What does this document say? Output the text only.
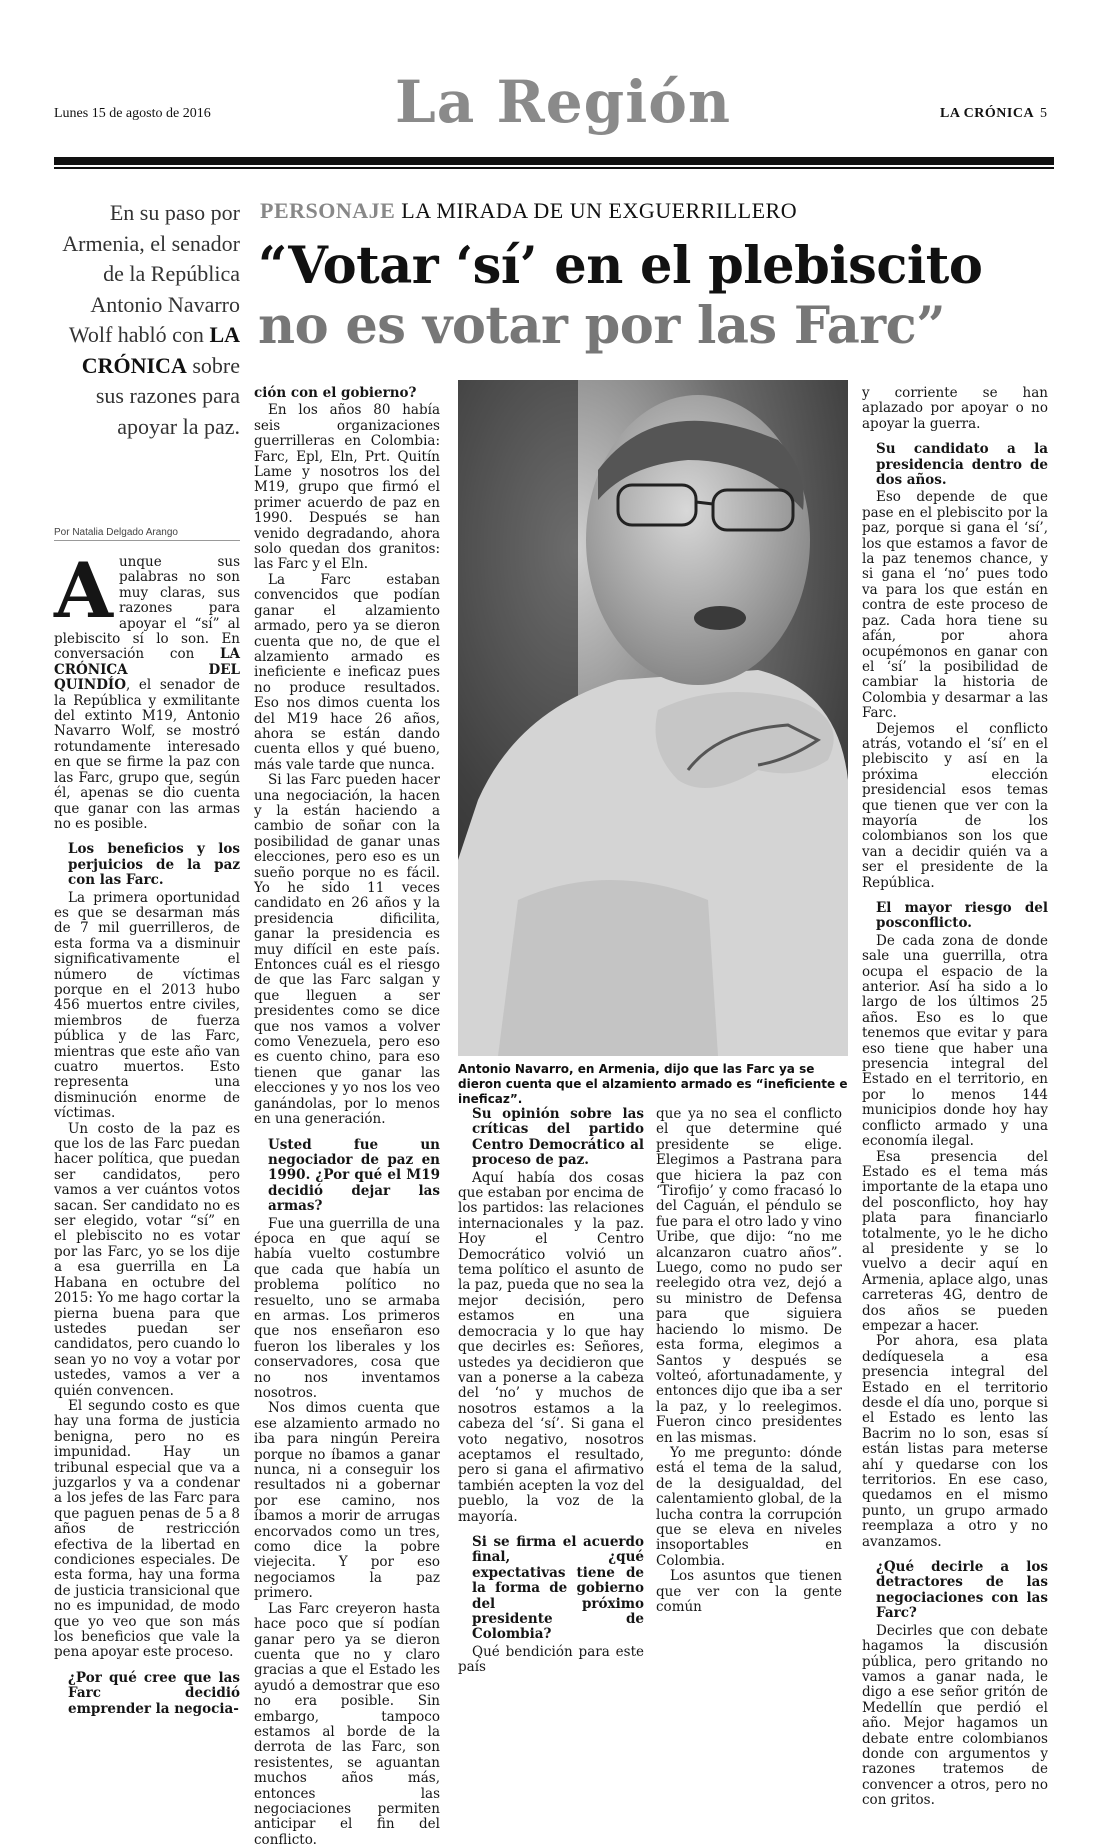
Lunes 15 de agosto de 2016	La Región	LA CRÓNICA 5
En su paso por Armenia, el senador de la República Antonio Navarro Wolf habló con LA CRÓNICA sobre sus razones para apoyar la paz.
Por Natalia Delgado Arango
PERSONAJE LA MIRADA DE UN EXGUERRILLERO
“Votar ‘sí’ en el plebiscito
no es votar por las Farc”
Antonio Navarro, en Armenia, dijo que las Farc ya se dieron cuenta que el alzamiento armado es “ineficiente e ineficaz”.
A unque sus palabras no son muy claras, sus razones para apoyar el “sí” al plebiscito sí lo son. En conversación con LA CRÓNICA DEL QUINDÍO, el senador de la República y exmilitante del extinto M19, Antonio Navarro Wolf, se mostró rotundamente interesado en que se firme la paz con las Farc, grupo que, según él, apenas se dio cuenta que ganar con las armas no es posible.

Los beneficios y los perjuicios de la paz con las Farc.

La primera oportunidad es que se desarman más de 7 mil guerrilleros, de esta forma va a disminuir significativamente el número de víctimas porque en el 2013 hubo 456 muertos entre civiles, miembros de fuerza pública y de las Farc, mientras que este año van cuatro muertos. Esto representa una disminución enorme de víctimas.

Un costo de la paz es que los de las Farc puedan hacer política, que puedan ser candidatos, pero vamos a ver cuántos votos sacan. Ser candidato no es ser elegido, votar “sí” en el plebiscito no es votar por las Farc, yo se los dije a esa guerrilla en La Habana en octubre del 2015: Yo me hago cortar la pierna buena para que ustedes puedan ser candidatos, pero cuando lo sean yo no voy a votar por ustedes, vamos a ver a quién convencen.

El segundo costo es que hay una forma de justicia benigna, pero no es impunidad. Hay un tribunal especial que va a juzgarlos y va a condenar a los jefes de las Farc para que paguen penas de 5 a 8 años de restricción efectiva de la libertad en condiciones especiales. De esta forma, hay una forma de justicia transicional que no es impunidad, de modo que yo veo que son más los beneficios que vale la pena apoyar este proceso.

¿Por qué cree que las Farc decidió emprender la negocia-
ción con el gobierno?

En los años 80 había seis organizaciones guerrilleras en Colombia: Farc, Epl, Eln, Prt. Quitín Lame y nosotros los del M19, grupo que firmó el primer acuerdo de paz en 1990. Después se han venido degradando, ahora solo quedan dos granitos: las Farc y el Eln.

La Farc estaban convencidos que podían ganar el alzamiento armado, pero ya se dieron cuenta que no, de que el alzamiento armado es ineficiente e ineficaz pues no produce resultados. Eso nos dimos cuenta los del M19 hace 26 años, ahora se están dando cuenta ellos y qué bueno, más vale tarde que nunca.

Si las Farc pueden hacer una negociación, la hacen y la están haciendo a cambio de soñar con la posibilidad de ganar unas elecciones, pero eso es un sueño porque no es fácil. Yo he sido 11 veces candidato en 26 años y la presidencia dificilita, ganar la presidencia es muy difícil en este país. Entonces cuál es el riesgo de que las Farc salgan y que lleguen a ser presidentes como se dice que nos vamos a volver como Venezuela, pero eso es cuento chino, para eso tienen que ganar las elecciones y yo nos los veo ganándolas, por lo menos en una generación.

Usted fue un negociador de paz en 1990. ¿Por qué el M19 decidió dejar las armas?

Fue una guerrilla de una época en que aquí se había vuelto costumbre que cada que había un problema político no resuelto, uno se armaba en armas. Los primeros que nos enseñaron eso fueron los liberales y los conservadores, cosa que no nos inventamos nosotros.

Nos dimos cuenta que ese alzamiento armado no iba para ningún Pereira porque no íbamos a ganar nunca, ni a conseguir los resultados ni a gobernar por ese camino, nos íbamos a morir de arrugas encorvados como un tres, como dice la pobre viejecita. Y por eso negociamos la paz primero.

Las Farc creyeron hasta hace poco que sí podían ganar pero ya se dieron cuenta que no y claro gracias a que el Estado les ayudó a demostrar que eso no era posible. Sin embargo, tampoco estamos al borde de la derrota de las Farc, son resistentes, se aguantan muchos años más, entonces las negociaciones permiten anticipar el fin del conflicto.

Su opinión sobre las críticas del partido Centro Democrático al proceso de paz.

Aquí había dos cosas que estaban por encima de los partidos: las relaciones internacionales y la paz. Hoy el Centro Democrático volvió un tema político el asunto de la paz, pueda que no sea la mejor decisión, pero estamos en una democracia y lo que hay que decirles es: Señores, ustedes ya decidieron que van a ponerse a la cabeza del ‘no’ y muchos de nosotros estamos a la cabeza del ‘sí’. Si gana el voto negativo, nosotros aceptamos el resultado, pero si gana el afirmativo también acepten la voz del pueblo, la voz de la mayoría.

Si se firma el acuerdo final, ¿qué expectativas tiene de la forma de gobierno del próximo presidente de Colombia?

Qué bendición para este país

que ya no sea el conflicto el que determine qué presidente se elige. Elegimos a Pastrana para que hiciera la paz con ‘Tirofijo’ y como fracasó lo del Caguán, el péndulo se fue para el otro lado y vino Uribe, que dijo: “no me alcanzaron cuatro años”. Luego, como no pudo ser reelegido otra vez, dejó a su ministro de Defensa para que siguiera haciendo lo mismo. De esta forma, elegimos a Santos y después se volteó, afortunadamente, y entonces dijo que iba a ser la paz, y lo reelegimos. Fueron cinco presidentes en las mismas.

Yo me pregunto: dónde está el tema de la salud, de la desigualdad, del calentamiento global, de la lucha contra la corrupción que se eleva en niveles insoportables en Colombia.

Los asuntos que tienen que ver con la gente común

y corriente se han aplazado por apoyar o no apoyar la guerra.

Su candidato a la presidencia dentro de dos años.

Eso depende de que pase en el plebiscito por la paz, porque si gana el ‘sí’, los que estamos a favor de la paz tenemos chance, y si gana el ‘no’ pues todo va para los que están en contra de este proceso de paz. Cada hora tiene su afán, por ahora ocupémonos en ganar con el ‘sí’ la posibilidad de cambiar la historia de Colombia y desarmar a las Farc.

Dejemos el conflicto atrás, votando el ‘sí’ en el plebiscito y así en la próxima elección presidencial esos temas que tienen que ver con la mayoría de los colombianos son los que van a decidir quién va a ser el presidente de la República.

El mayor riesgo del posconflicto.

De cada zona de donde sale una guerrilla, otra ocupa el espacio de la anterior. Así ha sido a lo largo de los últimos 25 años. Eso es lo que tenemos que evitar y para eso tiene que haber una presencia integral del Estado en el territorio, en por lo menos 144 municipios donde hoy hay conflicto armado y una economía ilegal.

Esa presencia del Estado es el tema más importante de la etapa uno del posconflicto, hoy hay plata para financiarlo totalmente, yo le he dicho al presidente y se lo vuelvo a decir aquí en Armenia, aplace algo, unas carreteras 4G, dentro de dos años se pueden empezar a hacer.

Por ahora, esa plata dedíquesela a esa presencia integral del Estado en el territorio desde el día uno, porque si el Estado es lento las Bacrim no lo son, esas sí están listas para meterse ahí y quedarse con los territorios. En ese caso, quedamos en el mismo punto, un grupo armado reemplaza a otro y no avanzamos.

¿Qué decirle a los detractores de las negociaciones con las Farc?

Decirles que con debate hagamos la discusión pública, pero gritando no vamos a ganar nada, le digo a ese señor gritón de Medellín que perdió el año. Mejor hagamos un debate entre colombianos donde con argumentos y razones tratemos de convencer a otros, pero no con gritos.
